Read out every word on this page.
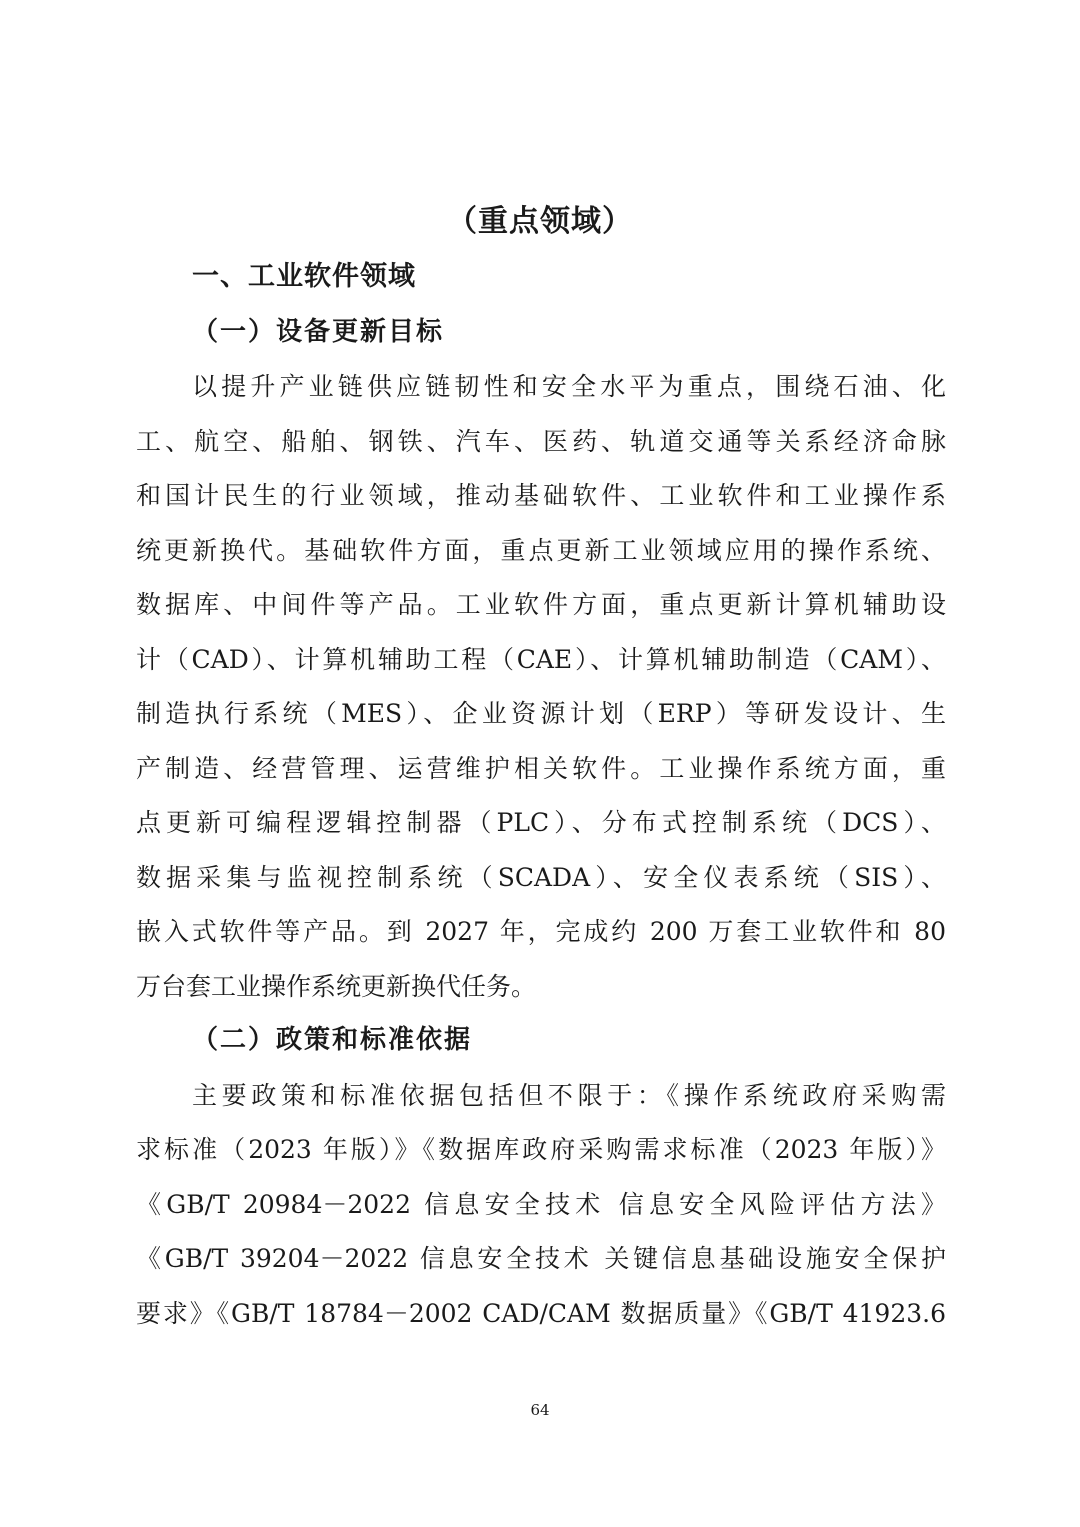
（重点领域）
一、工业软件领域
（一）设备更新目标
以提升产业链供应链韧性和安全水平为重点，围绕石油、化
工、航空、船舶、钢铁、汽车、医药、轨道交通等关系经济命脉
和国计民生的行业领域，推动基础软件、工业软件和工业操作系
统更新换代。基础软件方面，重点更新工业领域应用的操作系统、
数据库、中间件等产品。工业软件方面，重点更新计算机辅助设
计（CAD）、计算机辅助工程（CAE）、计算机辅助制造（CAM）、
制造执行系统（MES）、企业资源计划（ERP）等研发设计、生
产制造、经营管理、运营维护相关软件。工业操作系统方面，重
点更新可编程逻辑控制器（PLC）、分布式控制系统（DCS）、
数据采集与监视控制系统（SCADA）、安全仪表系统（SIS）、
嵌入式软件等产品。到 2027 年，完成约 200 万套工业软件和 80
万台套工业操作系统更新换代任务。
（二）政策和标准依据
主要政策和标准依据包括但不限于：《操作系统政府采购需
求标准（2023 年版）》《数据库政府采购需求标准（2023 年版）》
《GB/T 20984－2022 信息安全技术 信息安全风险评估方法》
《GB/T 39204－2022 信息安全技术 关键信息基础设施安全保护
要求》《GB/T 18784－2002 CAD/CAM 数据质量》《GB/T 41923.6
64
